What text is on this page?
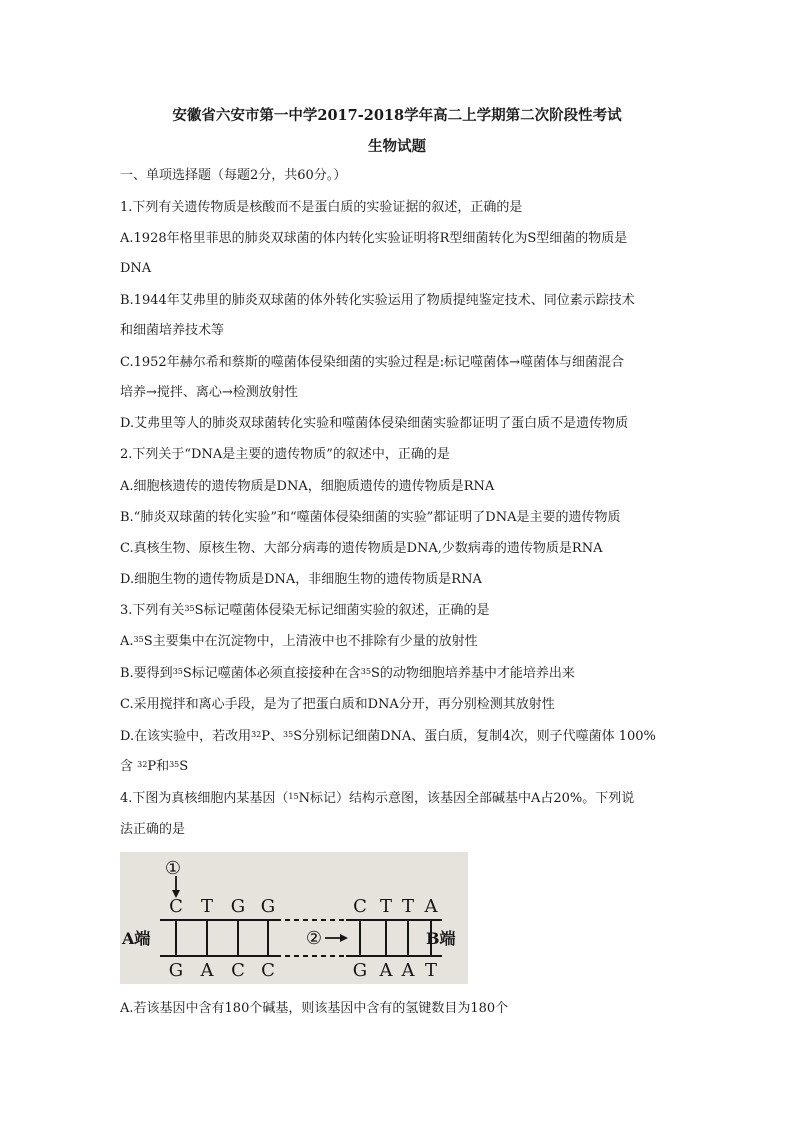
安徽省六安市第一中学2017-2018学年高二上学期第二次阶段性考试
生物试题
一、单项选择题（每题2分，共60分。）
1.下列有关遗传物质是核酸而不是蛋白质的实验证据的叙述，正确的是
A.1928年格里菲思的肺炎双球菌的体内转化实验证明将R型细菌转化为S型细菌的物质是
DNA
B.1944年艾弗里的肺炎双球菌的体外转化实验运用了物质提纯鉴定技术、同位素示踪技术
和细菌培养技术等
C.1952年赫尔希和蔡斯的噬菌体侵染细菌的实验过程是:标记噬菌体→噬菌体与细菌混合
培养→搅拌、离心→检测放射性
D.艾弗里等人的肺炎双球菌转化实验和噬菌体侵染细菌实验都证明了蛋白质不是遗传物质
2.下列关于“DNA是主要的遗传物质”的叙述中，正确的是
A.细胞核遗传的遗传物质是DNA，细胞质遗传的遗传物质是RNA
B.“肺炎双球菌的转化实验”和“噬菌体侵染细菌的实验”都证明了DNA是主要的遗传物质
C.真核生物、原核生物、大部分病毒的遗传物质是DNA,少数病毒的遗传物质是RNA
D.细胞生物的遗传物质是DNA，非细胞生物的遗传物质是RNA
3.下列有关$^{35}$S标记噬菌体侵染无标记细菌实验的叙述，正确的是
A.$^{35}$S主要集中在沉淀物中，上清液中也不排除有少量的放射性
B.要得到$^{35}$S标记噬菌体必须直接接种在含$^{35}$S的动物细胞培养基中才能培养出来
C.采用搅拌和离心手段，是为了把蛋白质和DNA分开，再分别检测其放射性
D.在该实验中，若改用$^{32}$P、$^{35}$S分别标记细菌DNA、蛋白质，复制4次，则子代噬菌体 100%
含 $^{32}$P和$^{35}$S
4.下图为真核细胞内某基因（$^{15}$N标记）结构示意图，该基因全部碱基中A占20%。下列说
法正确的是
①
C T G G	C T T A
A端	B端
②
G A C C	G A A T
A.若该基因中含有180个碱基，则该基因中含有的氢键数目为180个
